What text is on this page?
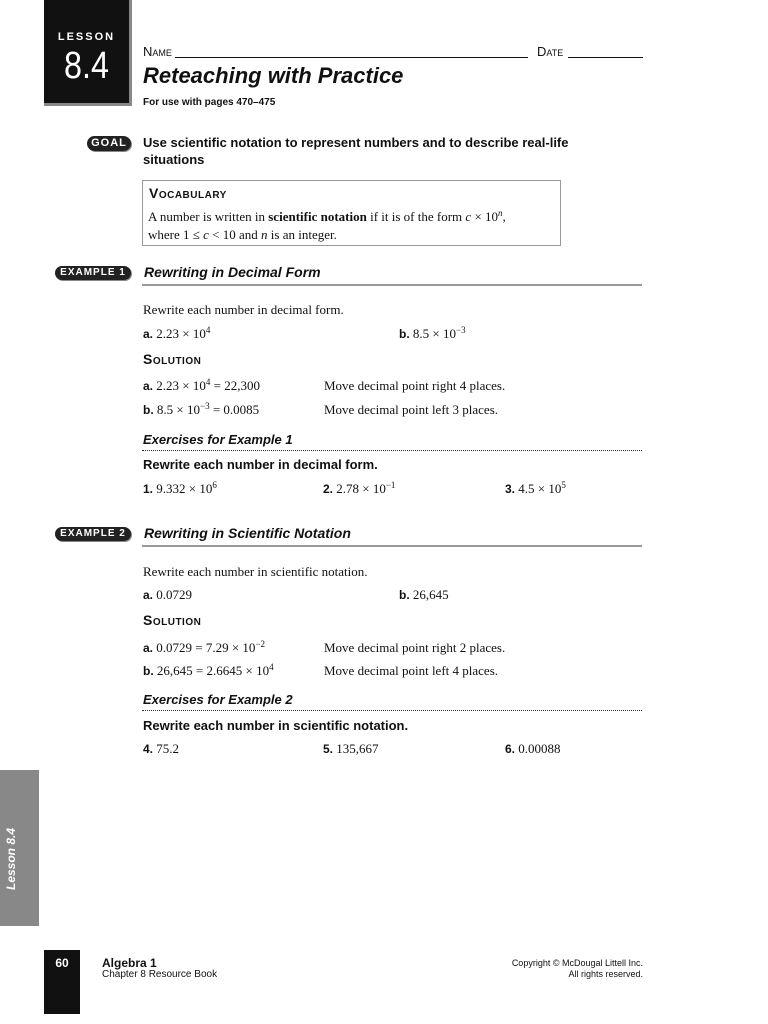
LESSON
8.4	Name	Date
Reteaching with Practice
For use with pages 470–475
GOAL	Use scientific notation to represent numbers and to describe real-life situations
Vocabulary
A number is written in scientific notation if it is of the form $c \times 10^n$,
where 1 ≤ c < 10 and n is an integer.
EXAMPLE 1	Rewriting in Decimal Form
Rewrite each number in decimal form.
a. $2.23 \times 10^4$	b. $8.5 \times 10^{-3}$
Solution
a. $2.23 \times 10^4 = 22,300$	Move decimal point right 4 places.
b. $8.5 \times 10^{-3} = 0.0085$	Move decimal point left 3 places.
Exercises for Example 1
Rewrite each number in decimal form.
1. $9.332 \times 10^6$	2. $2.78 \times 10^{-1}$	3. $4.5 \times 10^5$
EXAMPLE 2	Rewriting in Scientific Notation
Rewrite each number in scientific notation.
a. 0.0729	b. 26,645
Solution
a. $0.0729 = 7.29 \times 10^{-2}$	Move decimal point right 2 places.
b. $26,645 = 2.6645 \times 10^4$	Move decimal point left 4 places.
Exercises for Example 2
Rewrite each number in scientific notation.
4. 75.2	5. 135,667	6. 0.00088
Lesson 8.4
60	Algebra 1
Chapter 8 Resource Book
Copyright © McDougal Littell Inc.
All rights reserved.
